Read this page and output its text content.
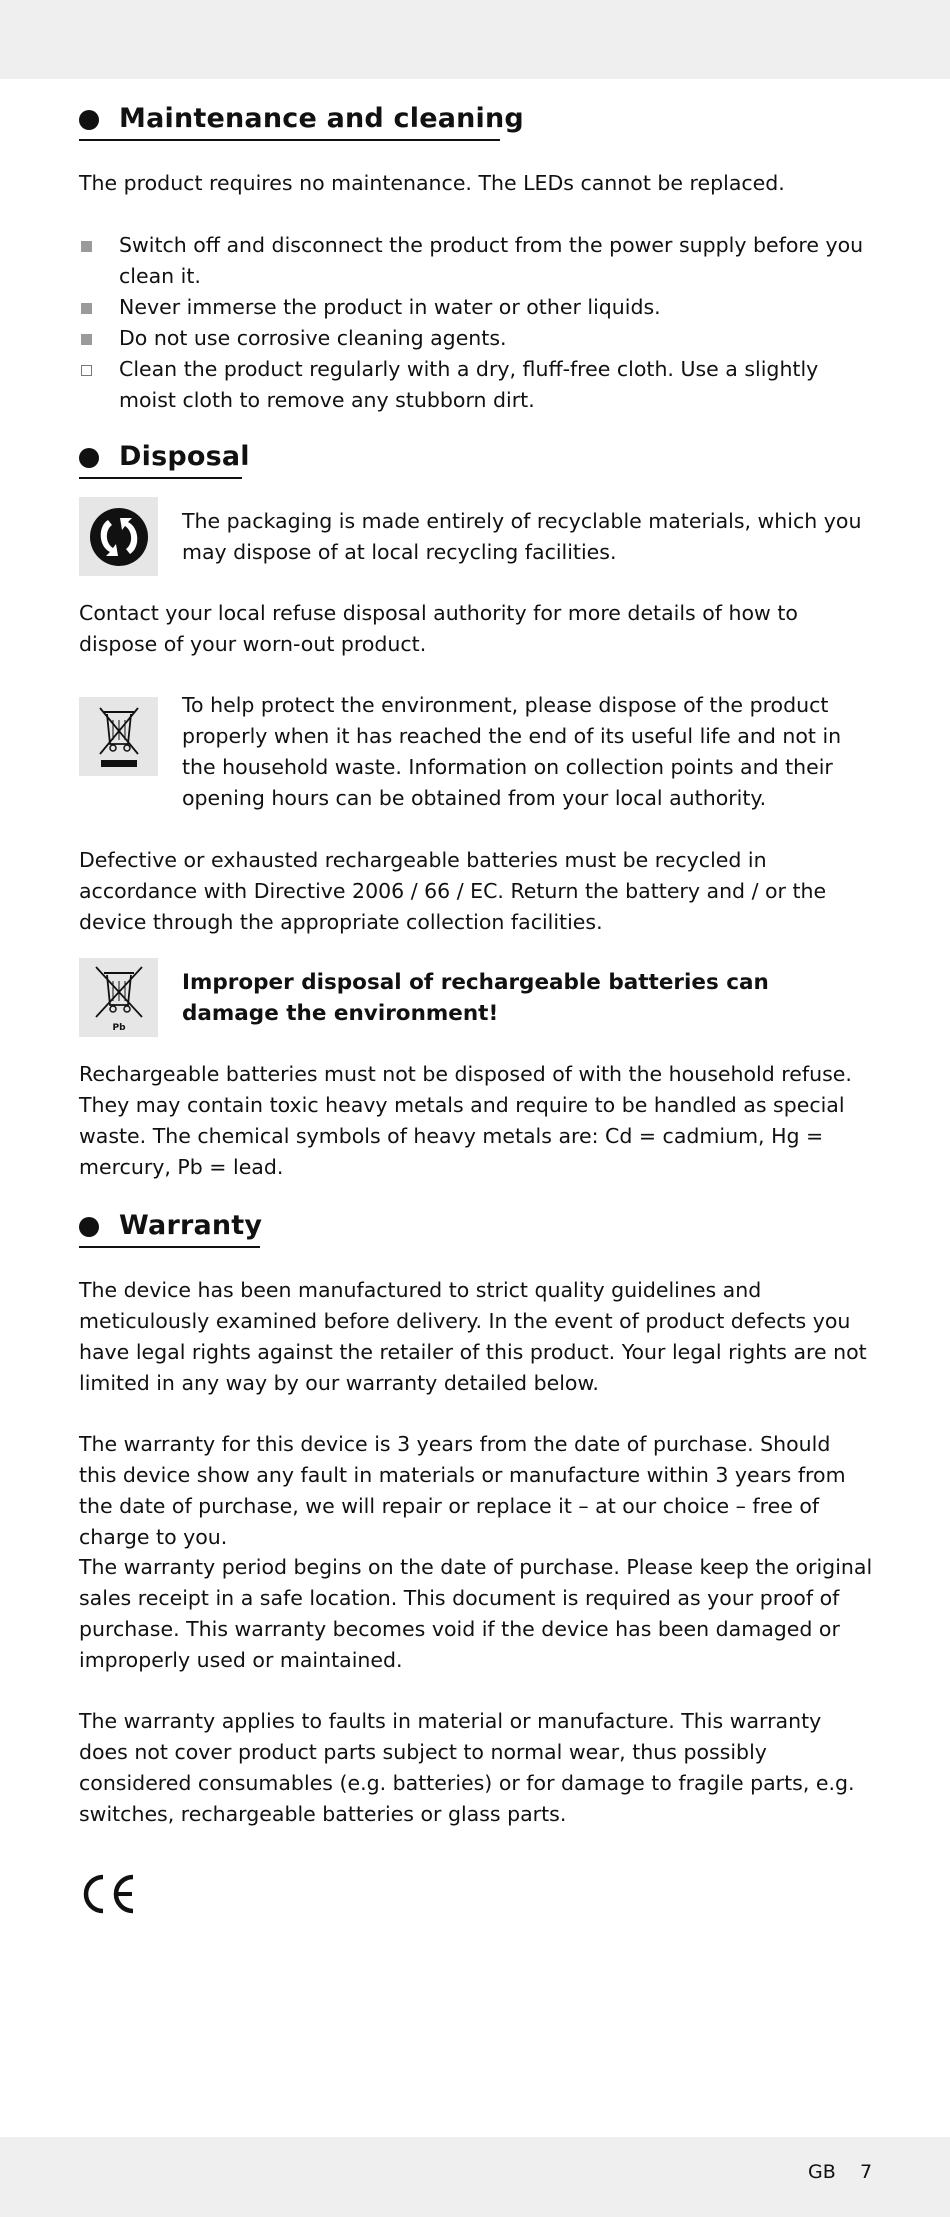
Maintenance and cleaning
The product requires no maintenance. The LEDs cannot be replaced.
Switch off and disconnect the product from the power supply before you clean it.
Never immerse the product in water or other liquids.
Do not use corrosive cleaning agents.
Clean the product regularly with a dry, fluff-free cloth. Use a slightly moist cloth to remove any stubborn dirt.
Disposal
The packaging is made entirely of recyclable materials, which you may dispose of at local recycling facilities.
Contact your local refuse disposal authority for more details of how to dispose of your worn-out product.
To help protect the environment, please dispose of the product properly when it has reached the end of its useful life and not in the household waste. Information on collection points and their opening hours can be obtained from your local authority.
Defective or exhausted rechargeable batteries must be recycled in accordance with Directive 2006 / 66 / EC. Return the battery and / or the device through the appropriate collection facilities.
Pb
Improper disposal of rechargeable batteries can damage the environment!
Rechargeable batteries must not be disposed of with the household refuse. They may contain toxic heavy metals and require to be handled as special waste. The chemical symbols of heavy metals are: Cd = cadmium, Hg = mercury, Pb = lead.
Warranty
The device has been manufactured to strict quality guidelines and meticulously examined before delivery. In the event of product defects you have legal rights against the retailer of this product. Your legal rights are not limited in any way by our warranty detailed below.
The warranty for this device is 3 years from the date of purchase. Should this device show any fault in materials or manufacture within 3 years from the date of purchase, we will repair or replace it – at our choice – free of charge to you.
The warranty period begins on the date of purchase. Please keep the original sales receipt in a safe location. This document is required as your proof of purchase. This warranty becomes void if the device has been damaged or improperly used or maintained.
The warranty applies to faults in material or manufacture. This warranty does not cover product parts subject to normal wear, thus possibly considered consumables (e.g. batteries) or for damage to fragile parts, e.g. switches, rechargeable batteries or glass parts.
GB 7
